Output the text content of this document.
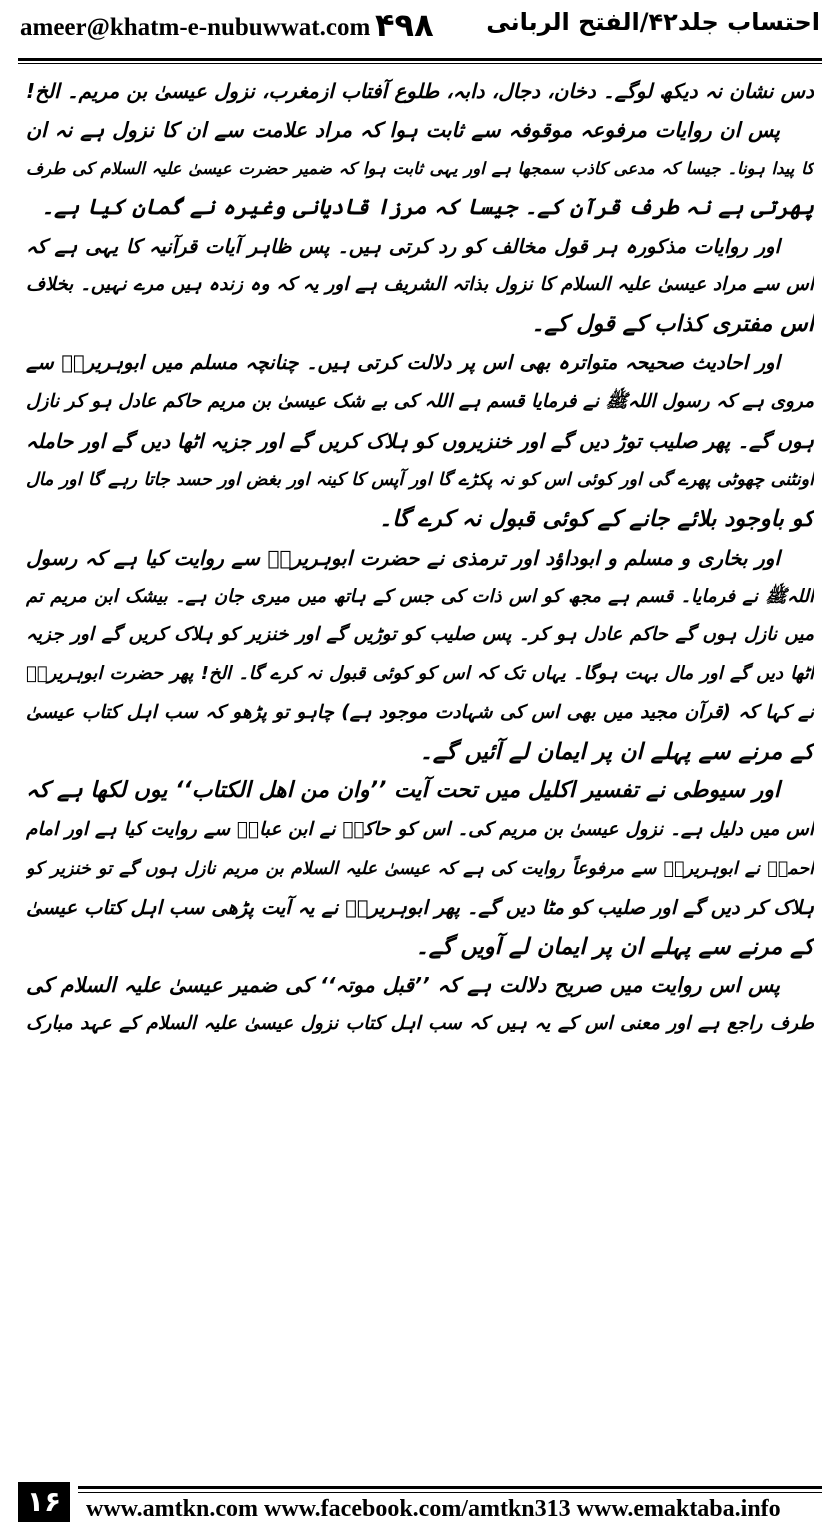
ameer@khatm-e-nubuwwat.com ۴۹۸ احتساب جلد۴۲/الفتح الربانی
دس نشان نہ دیکھ لوگے۔ دخان، دجال، دابہ، طلوع آفتاب ازمغرب، نزول عیسیٰ بن مریم۔ الخ!
پس ان روایات مرفوعہ موقوفہ سے ثابت ہوا کہ مراد علامت سے ان کا نزول ہے نہ ان
کا پیدا ہونا۔ جیسا کہ مدعی کاذب سمجھا ہے اور یہی ثابت ہوا کہ ضمیر حضرت عیسیٰ علیہ السلام کی طرف
پھرتی ہے نہ طرف قرآن کے۔ جیسا کہ مرزا قادیانی وغیرہ نے گمان کیا ہے۔
اور روایات مذکورہ ہر قول مخالف کو رد کرتی ہیں۔ پس ظاہر آیات قرآنیہ کا یہی ہے کہ
اس سے مراد عیسیٰ علیہ السلام کا نزول بذاتہ الشریف ہے اور یہ کہ وہ زندہ ہیں مرے نہیں۔ بخلاف
اس مفتری کذاب کے قول کے۔
اور احادیث صحیحہ متواترہ بھی اس پر دلالت کرتی ہیں۔ چنانچہ مسلم میں ابوہریرہؓ سے
مروی ہے کہ رسول اللہﷺ نے فرمایا قسم ہے اللہ کی بے شک عیسیٰ بن مریم حاکم عادل ہو کر نازل
ہوں گے۔ پھر صلیب توڑ دیں گے اور خنزیروں کو ہلاک کریں گے اور جزیہ اٹھا دیں گے اور حاملہ
اونٹنی چھوٹی پھرے گی اور کوئی اس کو نہ پکڑے گا اور آپس کا کینہ اور بغض اور حسد جاتا رہے گا اور مال
کو باوجود بلائے جانے کے کوئی قبول نہ کرے گا۔
اور بخاری و مسلم و ابوداؤد اور ترمذی نے حضرت ابوہریرہؓ سے روایت کیا ہے کہ رسول
اللہﷺ نے فرمایا۔ قسم ہے مجھ کو اس ذات کی جس کے ہاتھ میں میری جان ہے۔ بیشک ابن مریم تم
میں نازل ہوں گے حاکم عادل ہو کر۔ پس صلیب کو توڑیں گے اور خنزیر کو ہلاک کریں گے اور جزیہ
اٹھا دیں گے اور مال بہت ہوگا۔ یہاں تک کہ اس کو کوئی قبول نہ کرے گا۔ الخ! پھر حضرت ابوہریرہؓ
نے کہا کہ (قرآن مجید میں بھی اس کی شہادت موجود ہے) چاہو تو پڑھو کہ سب اہل کتاب عیسیٰ
کے مرنے سے پہلے ان پر ایمان لے آئیں گے۔
اور سیوطی نے تفسیر اکلیل میں تحت آیت ’’وان من اھل الکتاب‘‘ یوں لکھا ہے کہ
اس میں دلیل ہے۔ نزول عیسیٰ بن مریم کی۔ اس کو حاکمؒ نے ابن عباسؓ سے روایت کیا ہے اور امام
احمدؒ نے ابوہریرہؓ سے مرفوعاً روایت کی ہے کہ عیسیٰ علیہ السلام بن مریم نازل ہوں گے تو خنزیر کو
ہلاک کر دیں گے اور صلیب کو مٹا دیں گے۔ پھر ابوہریرہؓ نے یہ آیت پڑھی سب اہل کتاب عیسیٰ
کے مرنے سے پہلے ان پر ایمان لے آویں گے۔
پس اس روایت میں صریح دلالت ہے کہ ’’قبل موتہ‘‘ کی ضمیر عیسیٰ علیہ السلام کی
طرف راجع ہے اور معنی اس کے یہ ہیں کہ سب اہل کتاب نزول عیسیٰ علیہ السلام کے عہد مبارک
۱۶	www.amtkn.com www.facebook.com/amtkn313 www.emaktaba.info
